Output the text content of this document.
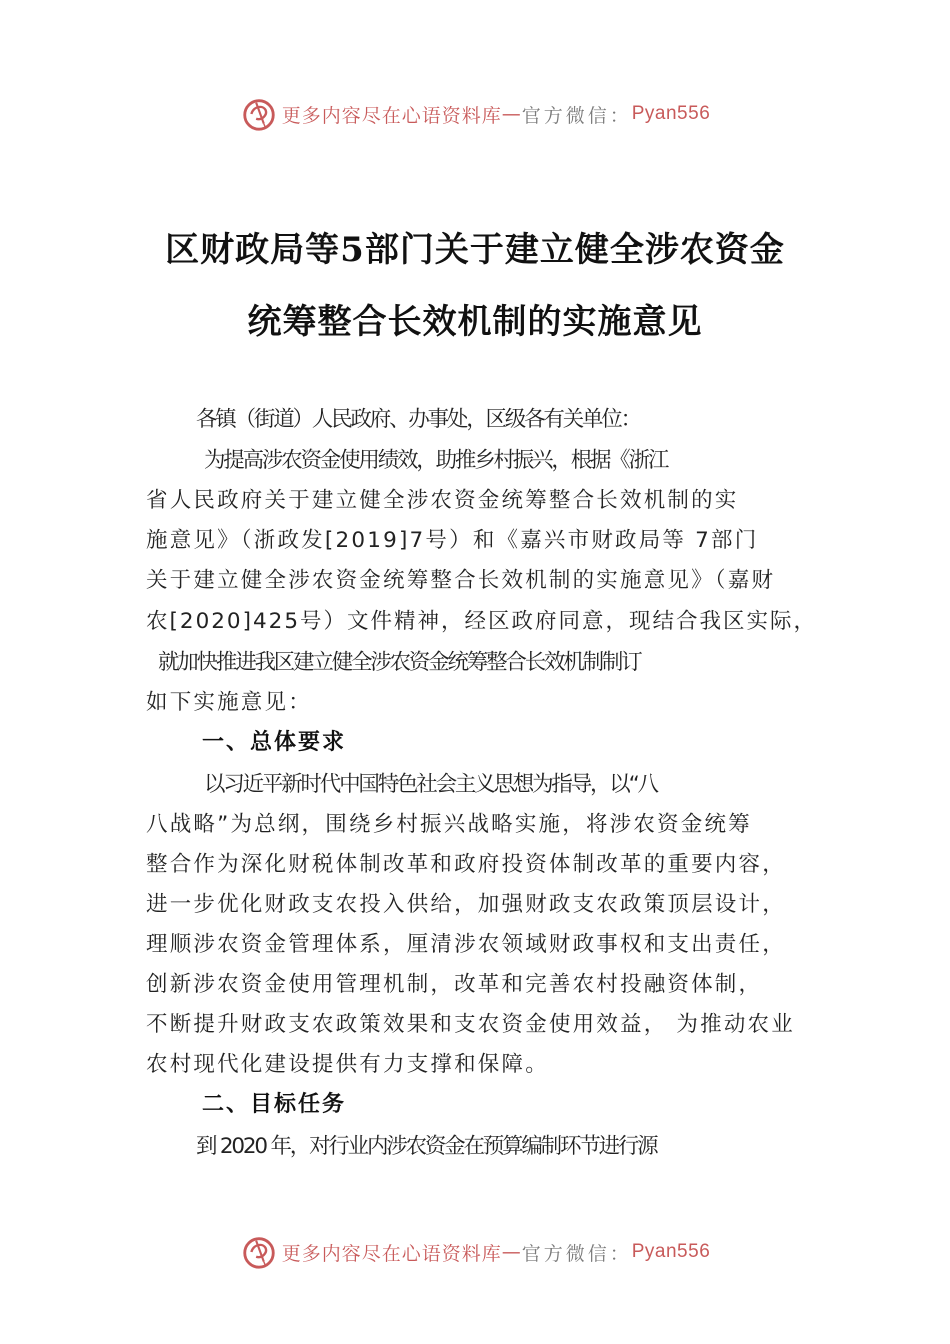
更多内容尽在心语资料库 — 官方微信： Pyan556
区财政局等5部门关于建立健全涉农资金
统筹整合长效机制的实施意见
各镇（街道）人民政府、办事处，区级各有关单位：
为提高涉农资金使用绩效，助推乡村振兴，根据《浙江
省人民政府关于建立健全涉农资金统筹整合长效机制的实
施意见》（浙政发[2019]7号）和《嘉兴市财政局等 7部门
关于建立健全涉农资金统筹整合长效机制的实施意见》（嘉财
农[2020]425号）文件精神，经区政府同意，现结合我区实际，
就加快推进我区建立健全涉农资金统筹整合长效机制制订
如下实施意见：
一、总体要求
以习近平新时代中国特色社会主义思想为指导，以“八
八战略”为总纲，围绕乡村振兴战略实施，将涉农资金统筹
整合作为深化财税体制改革和政府投资体制改革的重要内容，
进一步优化财政支农投入供给，加强财政支农政策顶层设计，
理顺涉农资金管理体系，厘清涉农领域财政事权和支出责任，
创新涉农资金使用管理机制，改革和完善农村投融资体制，
不断提升财政支农政策效果和支农资金使用效益， 为推动农业
农村现代化建设提供有力支撑和保障。
二、目标任务
到 2020 年，对行业内涉农资金在预算编制环节进行源
更多内容尽在心语资料库 — 官方微信： Pyan556
